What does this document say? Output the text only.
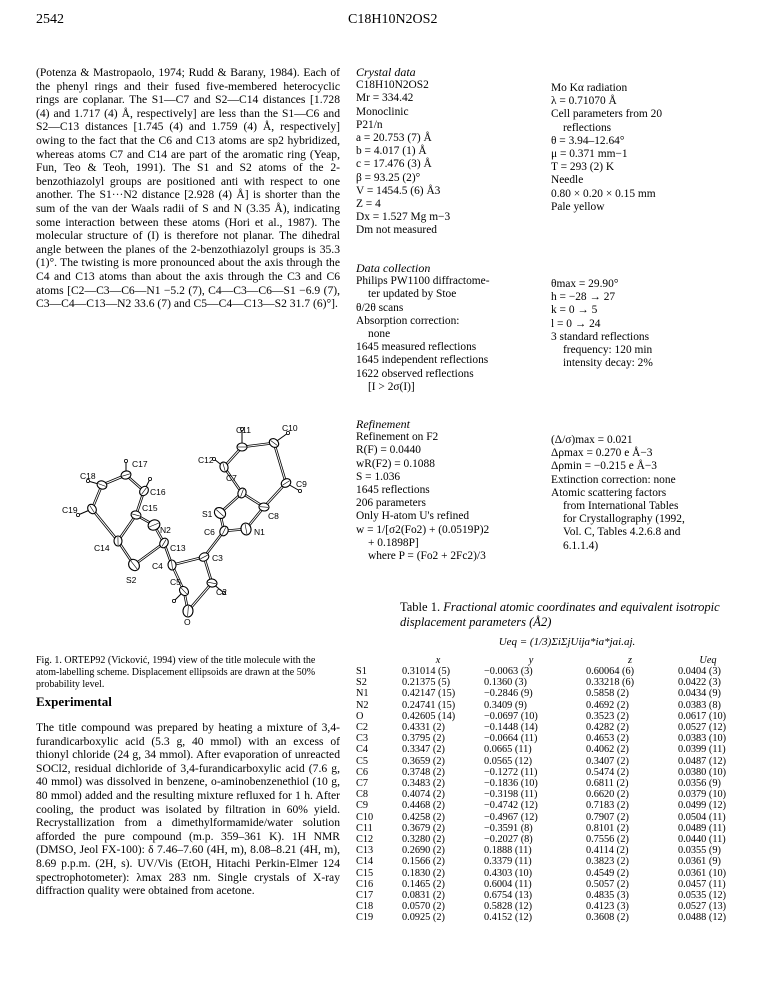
2542	C18H10N2OS2
(Potenza & Mastropaolo, 1974; Rudd & Barany, 1984). Each of the phenyl rings and their fused five-membered heterocyclic rings are coplanar. The S1—C7 and S2—C14 distances [1.728 (4) and 1.717 (4) Å, respectively] are less than the S1—C6 and S2—C13 distances [1.745 (4) and 1.759 (4) Å, respectively] owing to the fact that the C6 and C13 atoms are sp2 hybridized, whereas atoms C7 and C14 are part of the aromatic ring (Yeap, Fun, Teo & Teoh, 1991). The S1 and S2 atoms of the 2-benzothiazolyl groups are positioned anti with respect to one another. The S1···N2 distance [2.928 (4) Å] is shorter than the sum of the van der Waals radii of S and N (3.35 Å), indicating some interaction between these atoms (Hori et al., 1987). The molecular structure of (I) is therefore not planar. The dihedral angle between the planes of the 2-benzothiazolyl groups is 35.3 (1)°. The twisting is more pronounced about the axis through the C4 and C13 atoms than about the axis through the C3 and C6 atoms [C2—C3—C6—N1 −5.2 (7), C4—C3—C6—S1 −6.9 (7), C3—C4—C13—N2 33.6 (7) and C5—C4—C13—S2 31.7 (6)°].
C11	C10
C12
C7
C9
C17
C18
C16
S1	C8
C15
C19
N2
C14
C6	N1
C13
C3
S2
C4
C5
C2
O
Fig. 1. ORTEP92 (Vicković, 1994) view of the title molecule with the atom-labelling scheme. Displacement ellipsoids are drawn at the 50% probability level.
Experimental
The title compound was prepared by heating a mixture of 3,4-furandicarboxylic acid (5.3 g, 40 mmol) with an excess of thionyl chloride (24 g, 34 mmol). After evaporation of unreacted SOCl2, residual dichloride of 3,4-furandicarboxylic acid (7.6 g, 40 mmol) was dissolved in benzene, o-aminobenzenethiol (10 g, 80 mmol) added and the resulting mixture refluxed for 1 h. After cooling, the product was isolated by filtration in 60% yield. Recrystallization from a dimethylformamide/water solution afforded the pure compound (m.p. 359–361 K). 1H NMR (DMSO, Jeol FX-100): δ 7.46–7.60 (4H, m), 8.08–8.21 (4H, m), 8.69 p.p.m. (2H, s). UV/Vis (EtOH, Hitachi Perkin-Elmer 124 spectrophotometer): λmax 283 nm. Single crystals of X-ray diffraction quality were obtained from acetone.
Crystal data
C18H10N2OS2
Mr = 334.42
Monoclinic
P21/n
a = 20.753 (7) Å
b = 4.017 (1) Å
c = 17.476 (3) Å
β = 93.25 (2)°
V = 1454.5 (6) Å3
Z = 4
Dx = 1.527 Mg m−3
Dm not measured
Mo Kα radiation
λ = 0.71070 Å
Cell parameters from 20
reflections
θ = 3.94–12.64°
μ = 0.371 mm−1
T = 293 (2) K
Needle
0.80 × 0.20 × 0.15 mm
Pale yellow
Data collection
Philips PW1100 diffractome-
ter updated by Stoe
θ/2θ scans
Absorption correction:
none
1645 measured reflections
1645 independent reflections
1622 observed reflections
[I > 2σ(I)]
θmax = 29.90°
h = −28 → 27
k = 0 → 5
l = 0 → 24
3 standard reflections
frequency: 120 min
intensity decay: 2%
Refinement
Refinement on F2
R(F) = 0.0440
wR(F2) = 0.1088
S = 1.036
1645 reflections
206 parameters
Only H-atom U's refined
w = 1/[σ2(Fo2) + (0.0519P)2
+ 0.1898P]
where P = (Fo2 + 2Fc2)/3
(Δ/σ)max = 0.021
Δρmax = 0.270 e Å−3
Δρmin = −0.215 e Å−3
Extinction correction: none
Atomic scattering factors
from International Tables
for Crystallography (1992,
Vol. C, Tables 4.2.6.8 and
6.1.1.4)
Table 1. Fractional atomic coordinates and equivalent isotropic displacement parameters (Å2)
Ueq = (1/3)ΣiΣjUija*ia*jai.aj.
	x	y	z	Ueq
S1	0.31014 (5)	−0.0063 (3)	0.60064 (6)	0.0404 (3)
S2	0.21375 (5)	0.1360 (3)	0.33218 (6)	0.0422 (3)
N1	0.42147 (15)	−0.2846 (9)	0.5858 (2)	0.0434 (9)
N2	0.24741 (15)	0.3409 (9)	0.4692 (2)	0.0383 (8)
O	0.42605 (14)	−0.0697 (10)	0.3523 (2)	0.0617 (10)
C2	0.4331 (2)	−0.1448 (14)	0.4282 (2)	0.0527 (12)
C3	0.3795 (2)	−0.0664 (11)	0.4653 (2)	0.0383 (10)
C4	0.3347 (2)	0.0665 (11)	0.4062 (2)	0.0399 (11)
C5	0.3659 (2)	0.0565 (12)	0.3407 (2)	0.0487 (12)
C6	0.3748 (2)	−0.1272 (11)	0.5474 (2)	0.0380 (10)
C7	0.3483 (2)	−0.1836 (10)	0.6811 (2)	0.0356 (9)
C8	0.4074 (2)	−0.3198 (11)	0.6620 (2)	0.0379 (10)
C9	0.4468 (2)	−0.4742 (12)	0.7183 (2)	0.0499 (12)
C10	0.4258 (2)	−0.4967 (12)	0.7907 (2)	0.0504 (11)
C11	0.3679 (2)	−0.3591 (8)	0.8101 (2)	0.0489 (11)
C12	0.3280 (2)	−0.2027 (8)	0.7556 (2)	0.0440 (11)
C13	0.2690 (2)	0.1888 (11)	0.4114 (2)	0.0355 (9)
C14	0.1566 (2)	0.3379 (11)	0.3823 (2)	0.0361 (9)
C15	0.1830 (2)	0.4303 (10)	0.4549 (2)	0.0361 (10)
C16	0.1465 (2)	0.6004 (11)	0.5057 (2)	0.0457 (11)
C17	0.0831 (2)	0.6754 (13)	0.4835 (3)	0.0535 (12)
C18	0.0570 (2)	0.5828 (12)	0.4123 (3)	0.0527 (13)
C19	0.0925 (2)	0.4152 (12)	0.3608 (2)	0.0488 (12)
